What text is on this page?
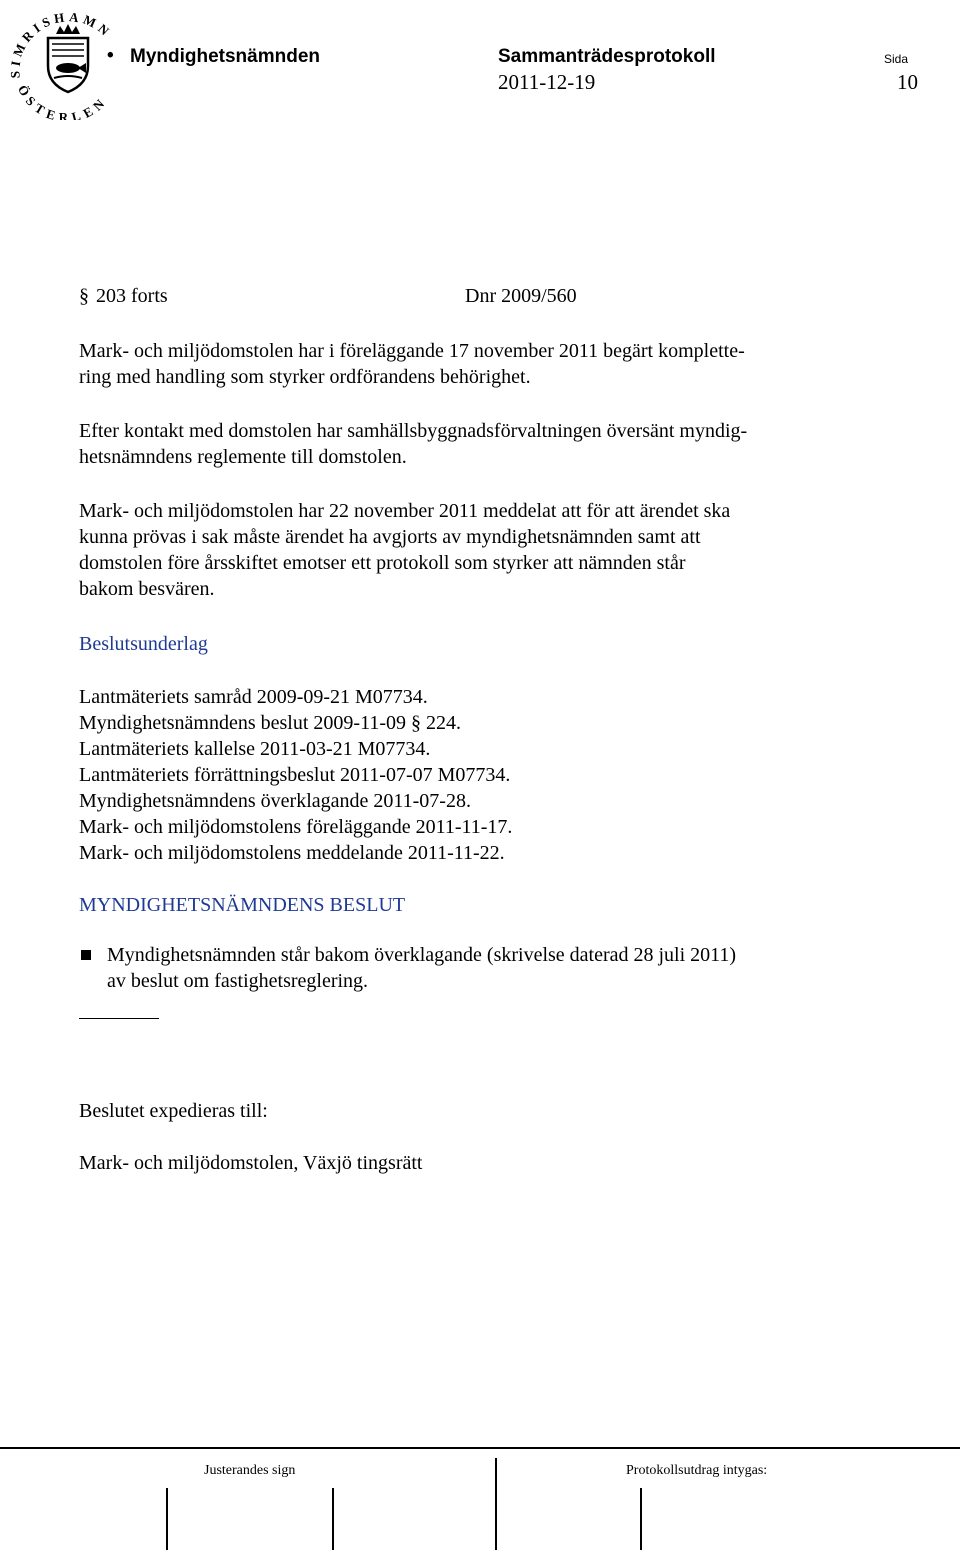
SIMRISHAMN
ÖSTERLEN
• Myndighetsnämnden	Sammanträdesprotokoll
2011-12-19
Sida
10
§ 203 forts	Dnr 2009/560
Mark- och miljödomstolen har i föreläggande 17 november 2011 begärt komplette-
ring med handling som styrker ordförandens behörighet.
Efter kontakt med domstolen har samhällsbyggnadsförvaltningen översänt myndig-
hetsnämndens reglemente till domstolen.
Mark- och miljödomstolen har 22 november 2011 meddelat att för att ärendet ska
kunna prövas i sak måste ärendet ha avgjorts av myndighetsnämnden samt att
domstolen före årsskiftet emotser ett protokoll som styrker att nämnden står
bakom besvären.
Beslutsunderlag
Lantmäteriets samråd 2009-09-21 M07734.
Myndighetsnämndens beslut 2009-11-09 § 224.
Lantmäteriets kallelse 2011-03-21 M07734.
Lantmäteriets förrättningsbeslut 2011-07-07 M07734.
Myndighetsnämndens överklagande 2011-07-28.
Mark- och miljödomstolens föreläggande 2011-11-17.
Mark- och miljödomstolens meddelande 2011-11-22.
MYNDIGHETSNÄMNDENS BESLUT
Myndighetsnämnden står bakom överklagande (skrivelse daterad 28 juli 2011)
av beslut om fastighetsreglering.
Beslutet expedieras till:
Mark- och miljödomstolen, Växjö tingsrätt
Justerandes sign	Protokollsutdrag intygas:
